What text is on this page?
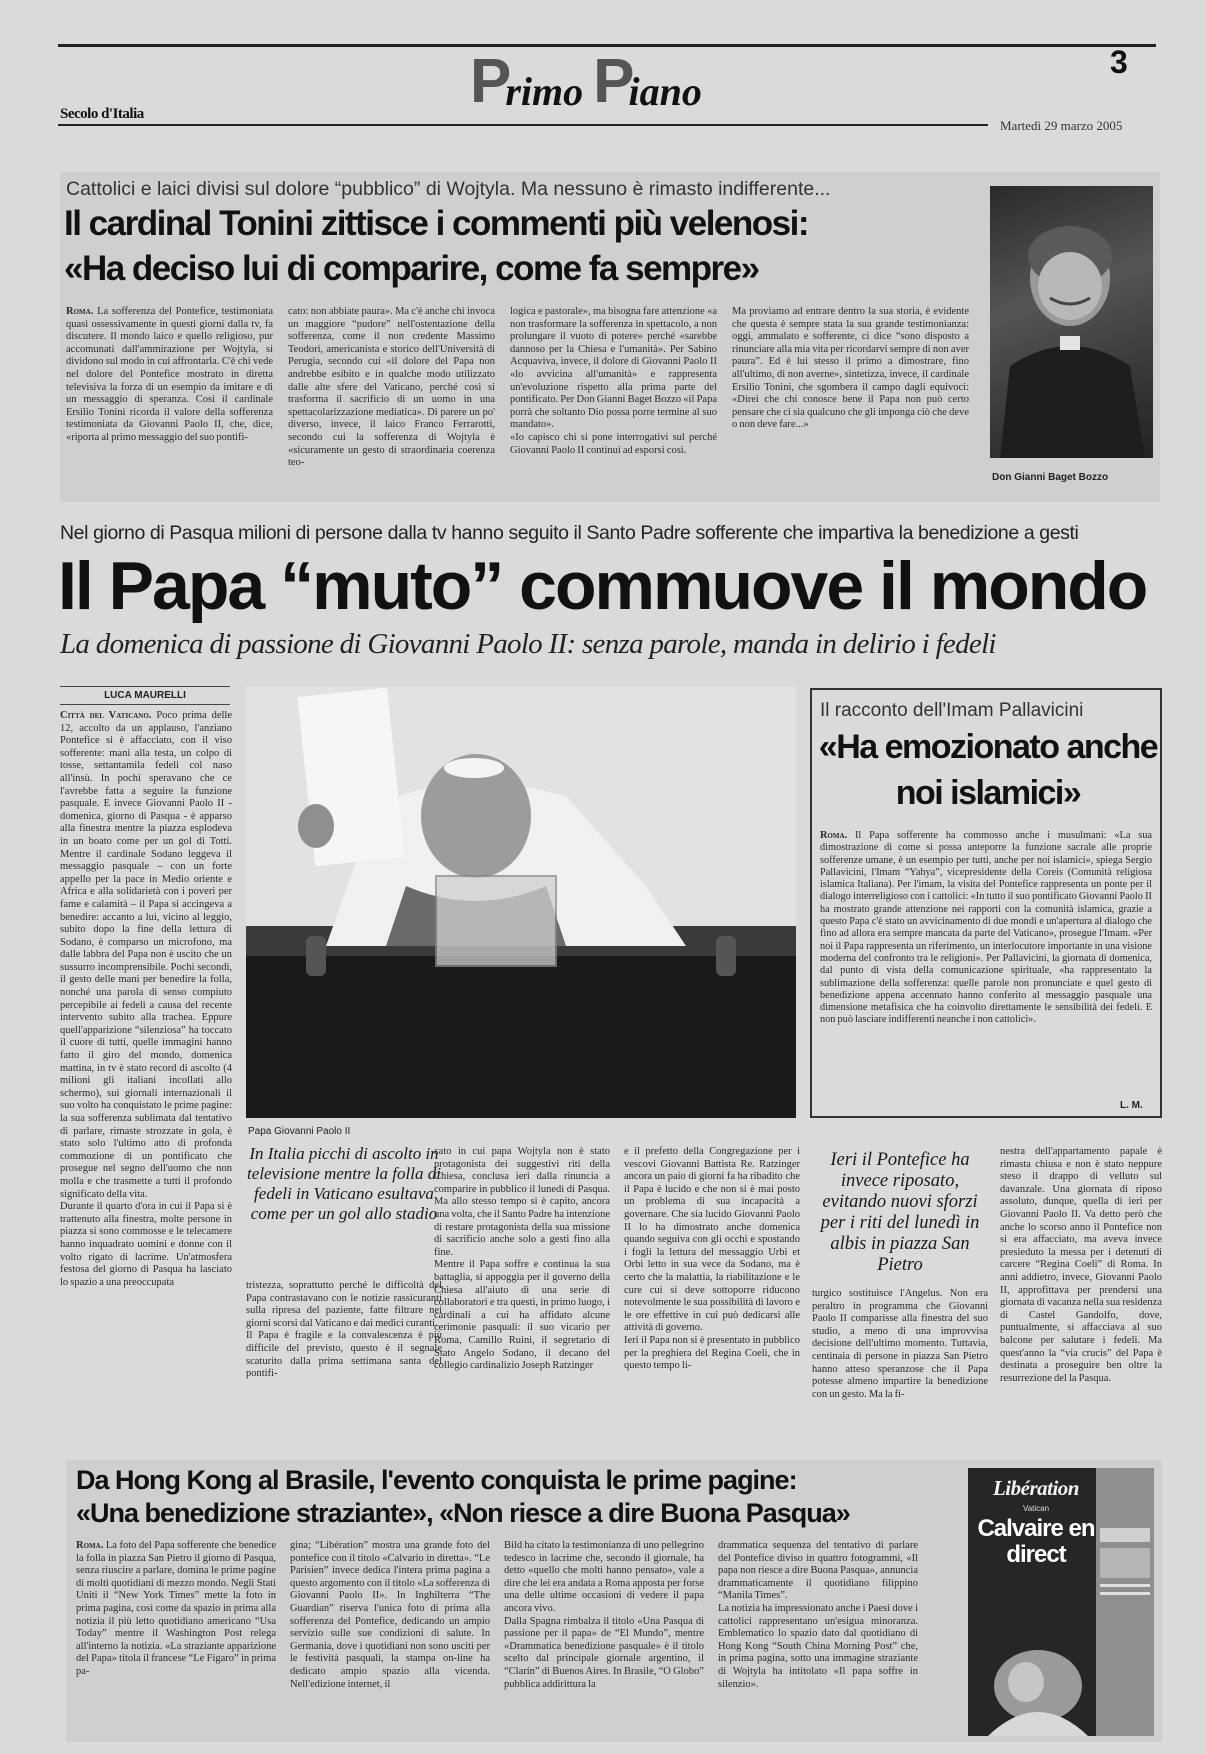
Primo Piano
3
Secolo d'Italia
Martedì 29 marzo 2005
Cattolici e laici divisi sul dolore “pubblico” di Wojtyla. Ma nessuno è rimasto indifferente...
Il cardinal Tonini zittisce i commenti più velenosi:
«Ha deciso lui di comparire, come fa sempre»
Roma. La sofferenza del Pontefice, testimoniata quasi ossessivamente in questi giorni dalla tv, fa discutere. Il mondo laico e quello religioso, pur accomunati dall'ammirazione per Wojtyla, si dividono sul modo in cui affrontarla. C'è chi vede nel dolore del Pontefice mostrato in diretta televisiva la forza di un esempio da imitare e di un messaggio di speranza. Così il cardinale Ersilio Tonini ricorda il valore della sofferenza testimoniata da Giovanni Paolo II, che, dice, «riporta al primo messaggio del suo pontifi-
cato: non abbiate paura». Ma c'è anche chi invoca un maggiore “pudore” nell'ostentazione della sofferenza, come il non credente Massimo Teodori, americanista e storico dell'Università di Perugia, secondo cui «il dolore del Papa non andrebbe esibito e in qualche modo utilizzato dalle alte sfere del Vaticano, perché così si trasforma il sacrificio di un uomo in una spettacolarizzazione mediatica». Di parere un po' diverso, invece, il laico Franco Ferrarotti, secondo cui la sofferenza di Wojtyla è «sicuramente un gesto di straordinaria coerenza teo-
logica e pastorale», ma bisogna fare attenzione «a non trasformare la sofferenza in spettacolo, a non prolungare il vuoto di potere» perché «sarebbe dannoso per la Chiesa e l'umanità». Per Sabino Acquaviva, invece, il dolore di Giovanni Paolo II «lo avvicina all'umanità» e rappresenta un'evoluzione rispetto alla prima parte del pontificato. Per Don Gianni Baget Bozzo «il Papa porrà che soltanto Dio possa porre termine al suo mandato».
«Io capisco chi si pone interrogativi sul perché Giovanni Paolo II continui ad esporsi così.
Ma proviamo ad entrare dentro la sua storia, è evidente che questa è sempre stata la sua grande testimonianza: oggi, ammalato e sofferente, ci dice “sono disposto a rinunciare alla mia vita per ricordarvi sempre di non aver paura”. Ed è lui stesso il primo a dimostrare, fino all'ultimo, di non averne», sintetizza, invece, il cardinale Ersilio Tonini, che sgombera il campo dagli equivoci: «Direi che chi conosce bene il Papa non può certo pensare che ci sia qualcuno che gli imponga ciò che deve o non deve fare...»
Don Gianni Baget Bozzo
Nel giorno di Pasqua milioni di persone dalla tv hanno seguito il Santo Padre sofferente che impartiva la benedizione a gesti
Il Papa “muto” commuove il mondo
La domenica di passione di Giovanni Paolo II: senza parole, manda in delirio i fedeli
LUCA MAURELLI
Città del Vaticano. Poco prima delle 12, accolto da un applauso, l'anziano Pontefice si è affacciato, con il viso sofferente: mani alla testa, un colpo di tosse, settantamila fedeli col naso all'insù. In pochi speravano che ce l'avrebbe fatta a seguire la funzione pasquale. E invece Giovanni Paolo II - domenica, giorno di Pasqua - è apparso alla finestra mentre la piazza esplodeva in un boato come per un gol di Totti. Mentre il cardinale Sodano leggeva il messaggio pasquale – con un forte appello per la pace in Medio oriente e Africa e alla solidarietà con i poveri per fame e calamità – il Papa si accingeva a benedire: accanto a lui, vicino al leggio, subito dopo la fine della lettura di Sodano, è comparso un microfono, ma dalle labbra del Papa non è uscito che un sussurro incomprensibile. Pochi secondi, il gesto delle mani per benedire la folla, nonché una parola di senso compiuto percepibile ai fedeli a causa del recente intervento subito alla trachea. Eppure quell'apparizione “silenziosa” ha toccato il cuore di tutti, quelle immagini hanno fatto il giro del mondo, domenica mattina, in tv è stato record di ascolto (4 milioni gli italiani incollati allo schermo), sui giornali internazionali il suo volto ha conquistato le prime pagine: la sua sofferenza sublimata dal tentativo di parlare, rimaste strozzate in gola, è stato solo l'ultimo atto di profonda commozione di un pontificato che prosegue nel segno dell'uomo che non molla e che trasmette a tutti il profondo significato della vita.
Durante il quarto d'ora in cui il Papa si è trattenuto alla finestra, molte persone in piazza si sono commosse e le telecamere hanno inquadrato uomini e donne con il volto rigato di lacrime. Un'atmosfera festosa del giorno di Pasqua ha lasciato lo spazio a una preoccupata
Papa Giovanni Paolo II
Il racconto dell'Imam Pallavicini
«Ha emozionato anche noi islamici»
Roma. Il Papa sofferente ha commosso anche i musulmani: «La sua dimostrazione di come si possa anteporre la funzione sacrale alle proprie sofferenze umane, è un esempio per tutti, anche per noi islamici», spiega Sergio Pallavicini, l'Imam “Yahya”, vicepresidente della Coreis (Comunità religiosa islamica Italiana). Per l'imam, la visita del Pontefice rappresenta un ponte per il dialogo interreligioso con i cattolici: «In tutto il suo pontificato Giovanni Paolo II ha mostrato grande attenzione nei rapporti con la comunità islamica, grazie a questo Papa c'è stato un avvicinamento di due mondi e un'apertura al dialogo che fino ad allora era sempre mancata da parte del Vaticano», prosegue l'Imam. «Per noi il Papa rappresenta un riferimento, un interlocutore importante in una visione moderna del confronto tra le religioni». Per Pallavicini, la giornata di domenica, dal punto di vista della comunicazione spirituale, «ha rappresentato la sublimazione della sofferenza: quelle parole non pronunciate e quel gesto di benedizione appena accennato hanno conferito al messaggio pasquale una dimensione metafisica che ha coinvolto direttamente le sensibilità dei fedeli. E non può lasciare indifferenti neanche i non cattolici».
L. M.
In Italia picchi di ascolto in televisione mentre la folla di fedeli in Vaticano esultava come per un gol allo stadio
tristezza, soprattutto perché le difficoltà del Papa contrastavano con le notizie rassicuranti sulla ripresa del paziente, fatte filtrare nei giorni scorsi dal Vaticano e dai medici curanti.
Il Papa è fragile e la convalescenza è più difficile del previsto, questo è il segnale scaturito dalla prima settimana santa del pontifi-
cato in cui papa Wojtyla non è stato protagonista dei suggestivi riti della Chiesa, conclusa ieri dalla rinuncia a comparire in pubblico il lunedì di Pasqua. Ma allo stesso tempo si è capito, ancora una volta, che il Santo Padre ha intenzione di restare protagonista della sua missione di sacrificio anche solo a gesti fino alla fine.
Mentre il Papa soffre e continua la sua battaglia, si appoggia per il governo della Chiesa all'aiuto di una serie di collaboratori e tra questi, in primo luogo, i cardinali a cui ha affidato alcune cerimonie pasquali: il suo vicario per Roma, Camillo Ruini, il segretario di Stato Angelo Sodano, il decano del collegio cardinalizio Joseph Ratzinger
e il prefetto della Congregazione per i vescovi Giovanni Battista Re. Ratzinger ancora un paio di giorni fa ha ribadito che il Papa è lucido e che non si è mai posto un problema di sua incapacità a governare. Che sia lucido Giovanni Paolo II lo ha dimostrato anche domenica quando seguiva con gli occhi e spostando i fogli la lettura del messaggio Urbi et Orbi letto in sua vece da Sodano, ma è certo che la malattia, la riabilitazione e le cure cui si deve sottoporre riducono notevolmente le sua possibilità di lavoro e le ore effettive in cui può dedicarsi alle attività di governo.
Ieri il Papa non si è presentato in pubblico per la preghiera del Regina Coeli, che in questo tempo li-
Ieri il Pontefice ha invece riposato, evitando nuovi sforzi per i riti del lunedì in albis in piazza San Pietro
turgico sostituisce l'Angelus. Non era peraltro in programma che Giovanni Paolo II comparisse alla finestra del suo studio, a meno di una improvvisa decisione dell'ultimo momento. Tuttavia, centinaia di persone in piazza San Pietro hanno atteso speranzose che il Papa potesse almeno impartire la benedizione con un gesto. Ma la fi-
nestra dell'appartamento papale è rimasta chiusa e non è stato neppure steso il drappo di velluto sul davanzale. Una giornata di riposo assoluto, dunque, quella di ieri per Giovanni Paolo II. Va detto però che anche lo scorso anno il Pontefice non si era affacciato, ma aveva invece presieduto la messa per i detenuti di carcere “Regina Coeli” di Roma. In anni addietro, invece, Giovanni Paolo II, approfittava per prendersi una giornata di vacanza nella sua residenza di Castel Gandolfo, dove, puntualmente, si affacciava al suo balcone per salutare i fedeli. Ma quest'anno la “via crucis” del Papa è destinata a proseguire ben oltre la resurrezione del la Pasqua.
Da Hong Kong al Brasile, l'evento conquista le prime pagine:
«Una benedizione straziante», «Non riesce a dire Buona Pasqua»
Roma. La foto del Papa sofferente che benedice la folla in piazza San Pietro il giorno di Pasqua, senza riuscire a parlare, domina le prime pagine di molti quotidiani di mezzo mondo. Negli Stati Uniti il “New York Times” mette la foto in prima pagina, così come da spazio in prima alla notizia il più letto quotidiano americano “Usa Today” mentre il Washington Post relega all'interno la notizia. «La straziante apparizione del Papa» titola il francese “Le Figaro” in prima pa-
gina; “Libération” mostra una grande foto del pontefice con il titolo «Calvario in diretta». “Le Parisien” invece dedica l'intera prima pagina a questo argomento con il titolo «La sofferenza di Giovanni Paolo II». In Inghilterra “The Guardian” riserva l'unica foto di prima alla sofferenza del Pontefice, dedicando un ampio servizio sulle sue condizioni di salute. In Germania, dove i quotidiani non sono usciti per le festività pasquali, la stampa on-line ha dedicato ampio spazio alla vicenda. Nell'edizione internet, il
Bild ha citato la testimonianza di uno pellegrino tedesco in lacrime che, secondo il giornale, ha detto «quello che molti hanno pensato», vale a dire che lei era andata a Roma apposta per forse una delle ultime occasioni di vedere il papa ancora vivo.
Dalla Spagna rimbalza il titolo «Una Pasqua di passione per il papa» de “El Mundo”, mentre «Drammatica benedizione pasquale» è il titolo scelto dal principale giornale argentino, il “Clarín” di Buenos Aires. In Brasile, “O Globo” pubblica addirittura la
drammatica sequenza del tentativo di parlare del Pontefice diviso in quattro fotogrammi, «Il papa non riesce a dire Buona Pasqua», annuncia drammaticamente il quotidiano filippino “Manila Times”.
La notizia ha impressionato anche i Paesi dove i cattolici rappresentano un'esigua minoranza. Emblematico lo spazio dato dal quotidiano di Hong Kong “South China Morning Post” che, in prima pagina, sotto una immagine straziante di Wojtyla ha intitolato «Il papa soffre in silenzio».
Libération
Vatican
Calvaire en direct
